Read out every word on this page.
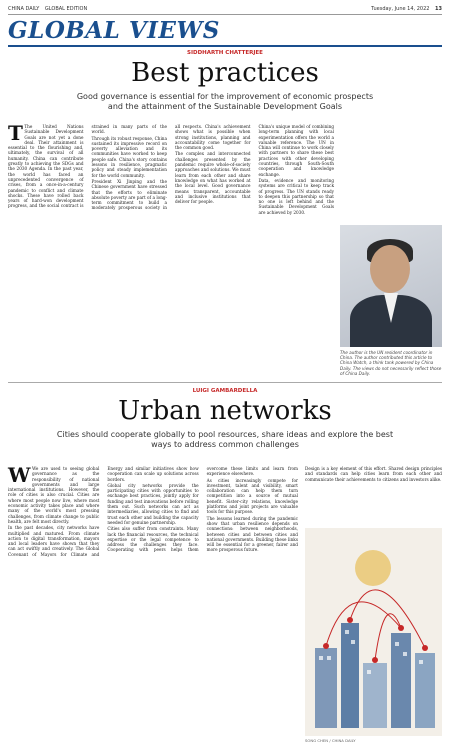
CHINA DAILY GLOBAL EDITION	Tuesday, June 14, 2022 13
GLOBAL VIEWS
SIDDHARTH CHATTERJEE
Best practices
Good governance is essential for the improvement of economic prospects and the attainment of the Sustainable Development Goals

T The United Nations Sustainable Development Goals are not yet a done deal. Their attainment is essential to the flourishing and, ultimately, the survival of all humanity. China can contribute greatly to achieving the SDGs and the 2030 Agenda. In the past year, the world has faced an unprecedented convergence of crises, from a once-in-a-century pandemic to conflict and climate shocks. These have rolled back years of hard-won development progress, and the social contract is strained in many parts of the world.

Through its robust response, China sustained its impressive record on poverty alleviation and its communities have worked to keep people safe. China's story contains lessons in resilience, pragmatic policy and steady implementation for the world community.

President Xi Jinping and the Chinese government have stressed that the efforts to eliminate absolute poverty are part of a long-term commitment to build a moderately prosperous society in all respects. China's achievement shows what is possible when strong institutions, planning and accountability come together for the common good.

The complex and interconnected challenges presented by the pandemic require whole-of-society approaches and solutions. We must learn from each other and share knowledge on what has worked at the local level. Good governance means transparent, accountable and inclusive institutions that deliver for people.

China's unique model of combining long-term planning with local experimentation offers the world a valuable reference. The UN in China will continue to work closely with partners to share these best practices with other developing countries, through South-South cooperation and knowledge exchange.

Data, evidence and monitoring systems are critical to keep track of progress. The UN stands ready to deepen this partnership so that no one is left behind and the Sustainable Development Goals are achieved by 2030.

The author is the UN resident coordinator in China. The author contributed this article to China Watch, a think tank powered by China Daily. The views do not necessarily reflect those of China Daily.
LUIGI GAMBARDELLA
Urban networks
Cities should cooperate globally to pool resources, share ideas and explore the best ways to address common challenges

W We are used to seeing global governance as the responsibility of national governments and large international institutions. However, the role of cities is also crucial. Cities are where most people now live, where most economic activity takes place and where many of the world's most pressing challenges, from climate change to public health, are felt most directly.

In the past decades, city networks have multiplied and matured. From climate action to digital transformation, mayors and local leaders have shown that they can act swiftly and creatively. The Global Covenant of Mayors for Climate and Energy and similar initiatives show how cooperation can scale up solutions across borders.

Global city networks provide the participating cities with opportunities to exchange best practices, jointly apply for funding and test innovations before rolling them out. Such networks can act as intermediaries, allowing cities to find and trust each other and building the capacity needed for genuine partnership.

Cities also suffer from constraints. Many lack the financial resources, the technical expertise or the legal competence to address the challenges they face. Cooperating with peers helps them overcome these limits and learn from experience elsewhere.

As cities increasingly compete for investment, talent and visibility, smart collaboration can help them turn competition into a source of mutual benefit. Sister-city relations, knowledge platforms and joint projects are valuable tools for this purpose.

The lessons learned during the pandemic show that urban resilience depends on connections: between neighborhoods, between cities and between cities and national governments. Building these links will be essential for a greener, fairer and more prosperous future.

Design is a key element of this effort. Shared design principles and standards can help cities learn from each other and communicate their achievements to citizens and investors alike.

SONG CHEN / CHINA DAILY
